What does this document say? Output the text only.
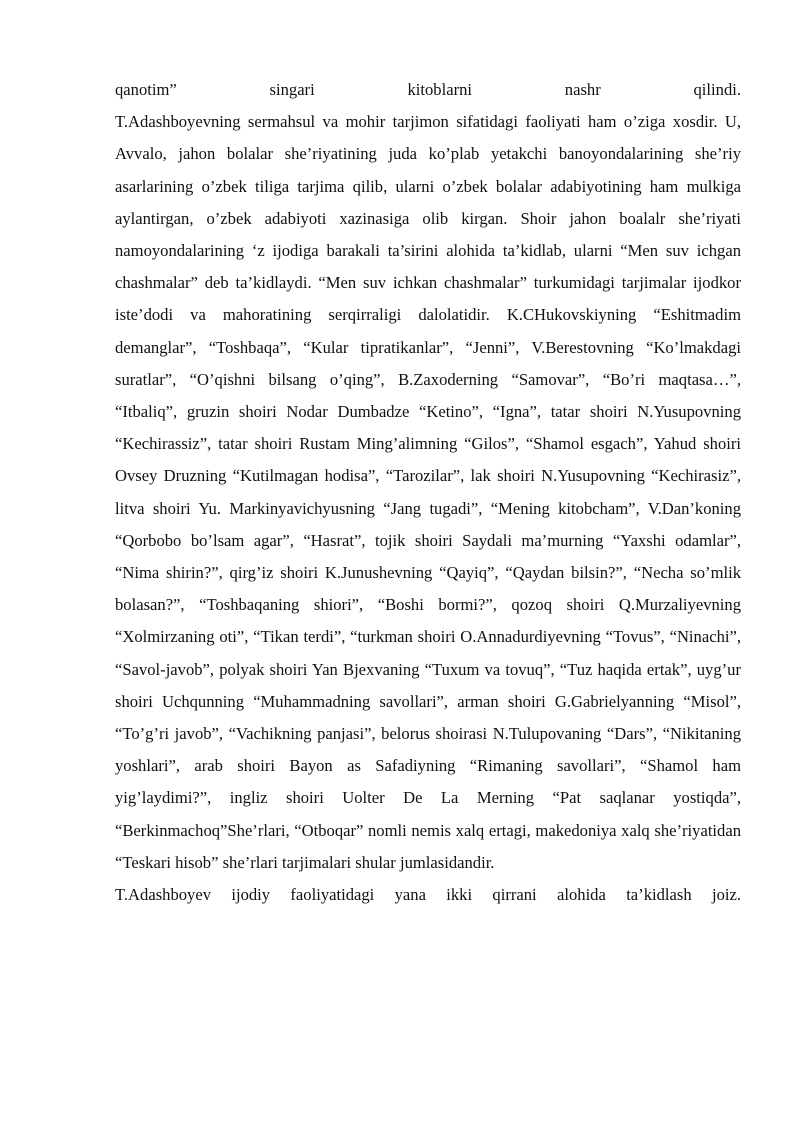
qanotim” singari kitoblarni nashr qilindi.

T.Adashboyevning sermahsul va mohir tarjimon sifatidagi faoliyati ham o’ziga xosdir. U, Avvalo, jahon bolalar she’riyatining juda ko’plab yetakchi banoyondalarining she’riy asarlarining o’zbek tiliga tarjima qilib, ularni o’zbek bolalar adabiyotining ham mulkiga aylantirgan, o’zbek adabiyoti xazinasiga olib kirgan. Shoir jahon boalalr she’riyati namoyondalarining ‘z ijodiga barakali ta’sirini alohida ta’kidlab, ularni “Men suv ichgan chashmalar” deb ta’kidlaydi. “Men suv ichkan chashmalar” turkumidagi tarjimalar ijodkor iste’dodi va mahoratining serqirraligi dalolatidir. K.CHukovskiyning “Eshitmadim demanglar”, “Toshbaqa”, “Kular tipratikanlar”, “Jenni”, V.Berestovning “Ko’lmakdagi suratlar”, “O’qishni bilsang o’qing”, B.Zaxoderning “Samovar”, “Bo’ri maqtasa…”, “Itbaliq”, gruzin shoiri Nodar Dumbadze “Ketino”, “Igna”, tatar shoiri N.Yusupovning “Kechirassiz”, tatar shoiri Rustam Ming’alimning “Gilos”, “Shamol esgach”, Yahud shoiri Ovsey Druzning “Kutilmagan hodisa”, “Tarozilar”, lak shoiri N.Yusupovning “Kechirasiz”, litva shoiri Yu. Markinyavichyusning “Jang tugadi”, “Mening kitobcham”, V.Dan’koning “Qorbobo bo’lsam agar”, “Hasrat”, tojik shoiri Saydali ma’murning “Yaxshi odamlar”, “Nima shirin?”, qirg’iz shoiri K.Junushevning “Qayiq”, “Qaydan bilsin?”, “Necha so’mlik bolasan?”, “Toshbaqaning shiori”, “Boshi bormi?”, qozoq shoiri Q.Murzaliyevning “Xolmirzaning oti”, “Tikan terdi”, “turkman shoiri O.Annadurdiyevning “Tovus”, “Ninachi”, “Savol-javob”, polyak shoiri Yan Bjexvaning “Tuxum va tovuq”, “Tuz haqida ertak”, uyg’ur shoiri Uchqunning “Muhammadning savollari”, arman shoiri G.Gabrielyanning “Misol”, “To’g’ri javob”, “Vachikning panjasi”, belorus shoirasi N.Tulupovaning “Dars”, “Nikitaning yoshlari”, arab shoiri Bayon as Safadiyning “Rimaning savollari”, “Shamol ham yig’laydimi?”, ingliz shoiri Uolter De La Merning “Pat saqlanar yostiqda”, “Berkinmachoq”She’rlari, “Otboqar” nomli nemis xalq ertagi, makedoniya xalq she’riyatidan “Teskari hisob” she’rlari tarjimalari shular jumlasidandir.

T.Adashboyev ijodiy faoliyatidagi yana ikki qirrani alohida ta’kidlash joiz.
